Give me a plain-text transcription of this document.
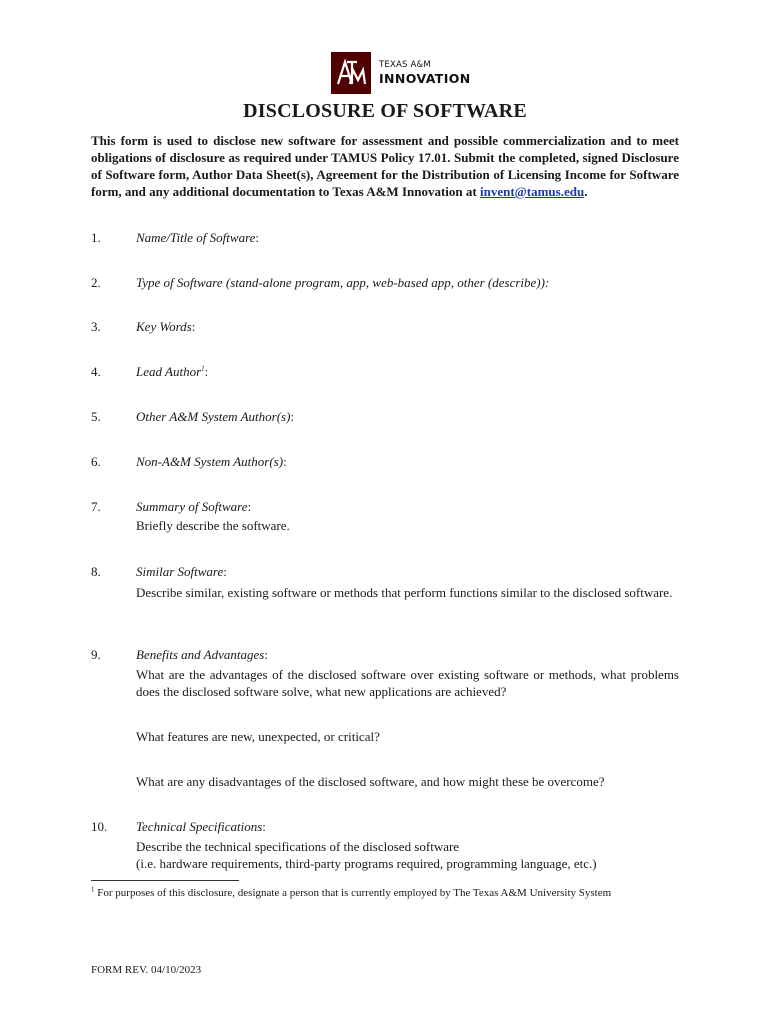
TEXAS A&M
INNOVATION
DISCLOSURE OF SOFTWARE
This form is used to disclose new software for assessment and possible commercialization and to meet obligations of disclosure as required under TAMUS Policy 17.01. Submit the completed, signed Disclosure of Software form, Author Data Sheet(s), Agreement for the Distribution of Licensing Income for Software form, and any additional documentation to Texas A&M Innovation at invent@tamus.edu.
1.	Name/Title of Software:
2.	Type of Software (stand-alone program, app, web-based app, other (describe)):
3.	Key Words:
4.	Lead Author$^1$:
5.	Other A&M System Author(s):
6.	Non-A&M System Author(s):
7.	Summary of Software:
Briefly describe the software.
8.	Similar Software:
Describe similar, existing software or methods that perform functions similar to the disclosed software.
9.	Benefits and Advantages:
What are the advantages of the disclosed software over existing software or methods, what problems does the disclosed software solve, what new applications are achieved?
What features are new, unexpected, or critical?
What are any disadvantages of the disclosed software, and how might these be overcome?
10. Technical Specifications:
Describe the technical specifications of the disclosed software
(i.e. hardware requirements, third-party programs required, programming language, etc.)
$^1$ For purposes of this disclosure, designate a person that is currently employed by The Texas A&M University System
FORM REV. 04/10/2023
